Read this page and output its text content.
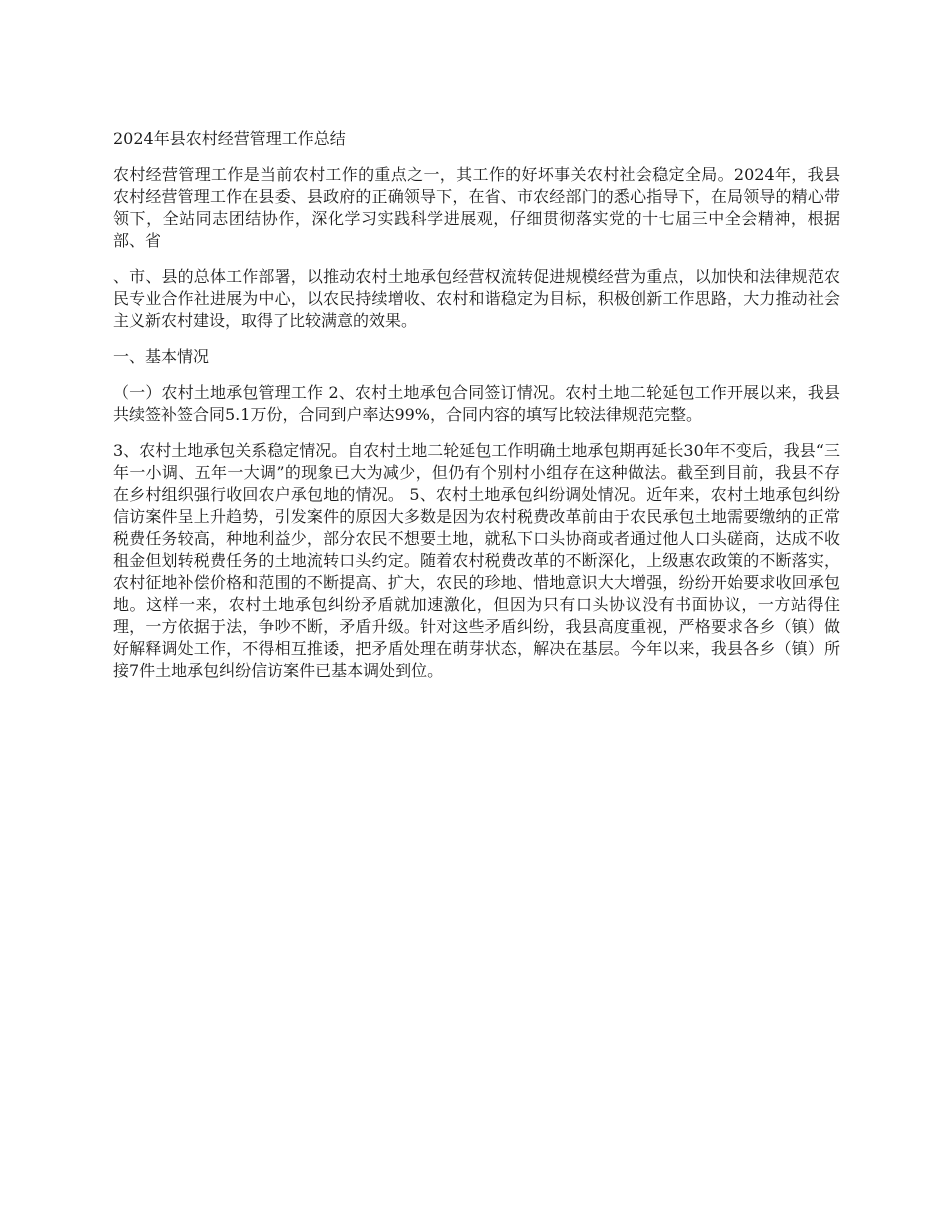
2024年县农村经营管理工作总结

农村经营管理工作是当前农村工作的重点之一，其工作的好坏事关农村社会稳定全局。2024年，我县农村经营管理工作在县委、县政府的正确领导下，在省、市农经部门的悉心指导下，在局领导的精心带领下，全站同志团结协作，深化学习实践科学进展观，仔细贯彻落实党的十七届三中全会精神，根据部、省

、市、县的总体工作部署，以推动农村土地承包经营权流转促进规模经营为重点，以加快和法律规范农民专业合作社进展为中心，以农民持续增收、农村和谐稳定为目标，积极创新工作思路，大力推动社会主义新农村建设，取得了比较满意的效果。

一、基本情况

（一）农村土地承包管理工作 2、农村土地承包合同签订情况。农村土地二轮延包工作开展以来，我县共续签补签合同5.1万份，合同到户率达99%，合同内容的填写比较法律规范完整。

3、农村土地承包关系稳定情况。自农村土地二轮延包工作明确土地承包期再延长30年不变后，我县“三年一小调、五年一大调”的现象已大为减少，但仍有个别村小组存在这种做法。截至到目前，我县不存在乡村组织强行收回农户承包地的情况。 5、农村土地承包纠纷调处情况。近年来，农村土地承包纠纷信访案件呈上升趋势，引发案件的原因大多数是因为农村税费改革前由于农民承包土地需要缴纳的正常税费任务较高，种地利益少，部分农民不想要土地，就私下口头协商或者通过他人口头磋商，达成不收租金但划转税费任务的土地流转口头约定。随着农村税费改革的不断深化，上级惠农政策的不断落实，农村征地补偿价格和范围的不断提高、扩大，农民的珍地、惜地意识大大增强，纷纷开始要求收回承包地。这样一来，农村土地承包纠纷矛盾就加速激化，但因为只有口头协议没有书面协议，一方站得住理，一方依据于法，争吵不断，矛盾升级。针对这些矛盾纠纷，我县高度重视，严格要求各乡（镇）做好解释调处工作，不得相互推诿，把矛盾处理在萌芽状态，解决在基层。今年以来，我县各乡（镇）所接7件土地承包纠纷信访案件已基本调处到位。
